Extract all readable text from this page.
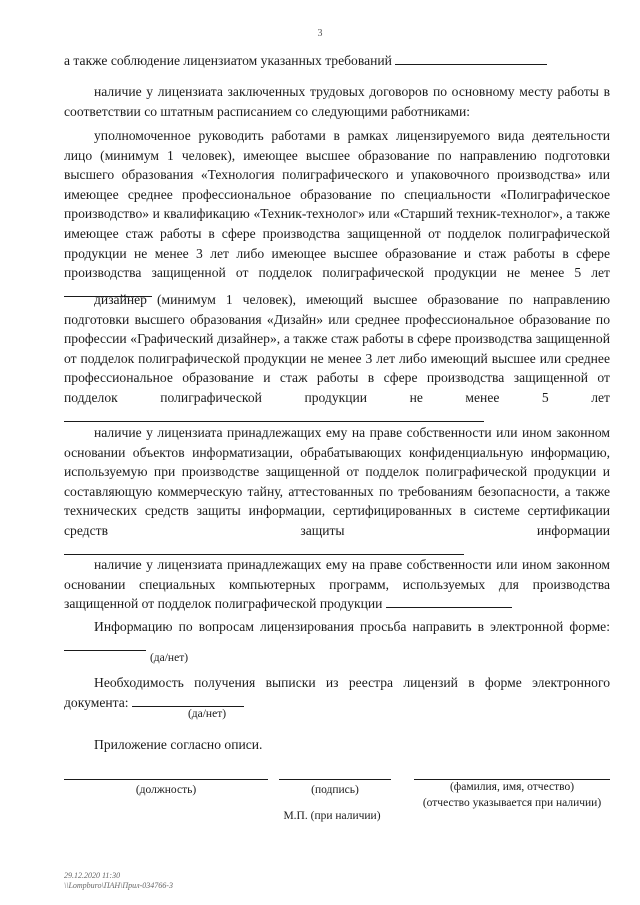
3
а также соблюдение лицензиатом указанных требований
наличие у лицензиата заключенных трудовых договоров по основному месту работы в соответствии со штатным расписанием со следующими работниками:
уполномоченное руководить работами в рамках лицензируемого вида деятельности лицо (минимум 1 человек), имеющее высшее образование по направлению подготовки высшего образования «Технология полиграфического и упаковочного производства» или имеющее среднее профессиональное образование по специальности «Полиграфическое производство» и квалификацию «Техник-технолог» или «Старший техник-технолог», а также имеющее стаж работы в сфере производства защищенной от подделок полиграфической продукции не менее 3 лет либо имеющее высшее образование и стаж работы в сфере производства защищенной от подделок полиграфической продукции не менее 5 лет
дизайнер (минимум 1 человек), имеющий высшее образование по направлению подготовки высшего образования «Дизайн» или среднее профессиональное образование по профессии «Графический дизайнер», а также стаж работы в сфере производства защищенной от подделок полиграфической продукции не менее 3 лет либо имеющий высшее или среднее профессиональное образование и стаж работы в сфере производства защищенной от подделок полиграфической продукции не менее 5 лет
наличие у лицензиата принадлежащих ему на праве собственности или ином законном основании объектов информатизации, обрабатывающих конфиденциальную информацию, используемую при производстве защищенной от подделок полиграфической продукции и составляющую коммерческую тайну, аттестованных по требованиям безопасности, а также технических средств защиты информации, сертифицированных в системе сертификации средств защиты информации
наличие у лицензиата принадлежащих ему на праве собственности или ином законном основании специальных компьютерных программ, используемых для производства защищенной от подделок полиграфической продукции
Информацию по вопросам лицензирования просьба направить в электронной форме:
(да/нет)
Необходимость получения выписки из реестра лицензий в форме электронного документа:
(да/нет)
Приложение согласно описи.
(должность)	(подпись)	(фамилия, имя, отчество)
(отчество указывается при наличии)
М.П. (при наличии)
29.12.2020 11:30
\\Lompburo\ПАН\Прил-034766-3
